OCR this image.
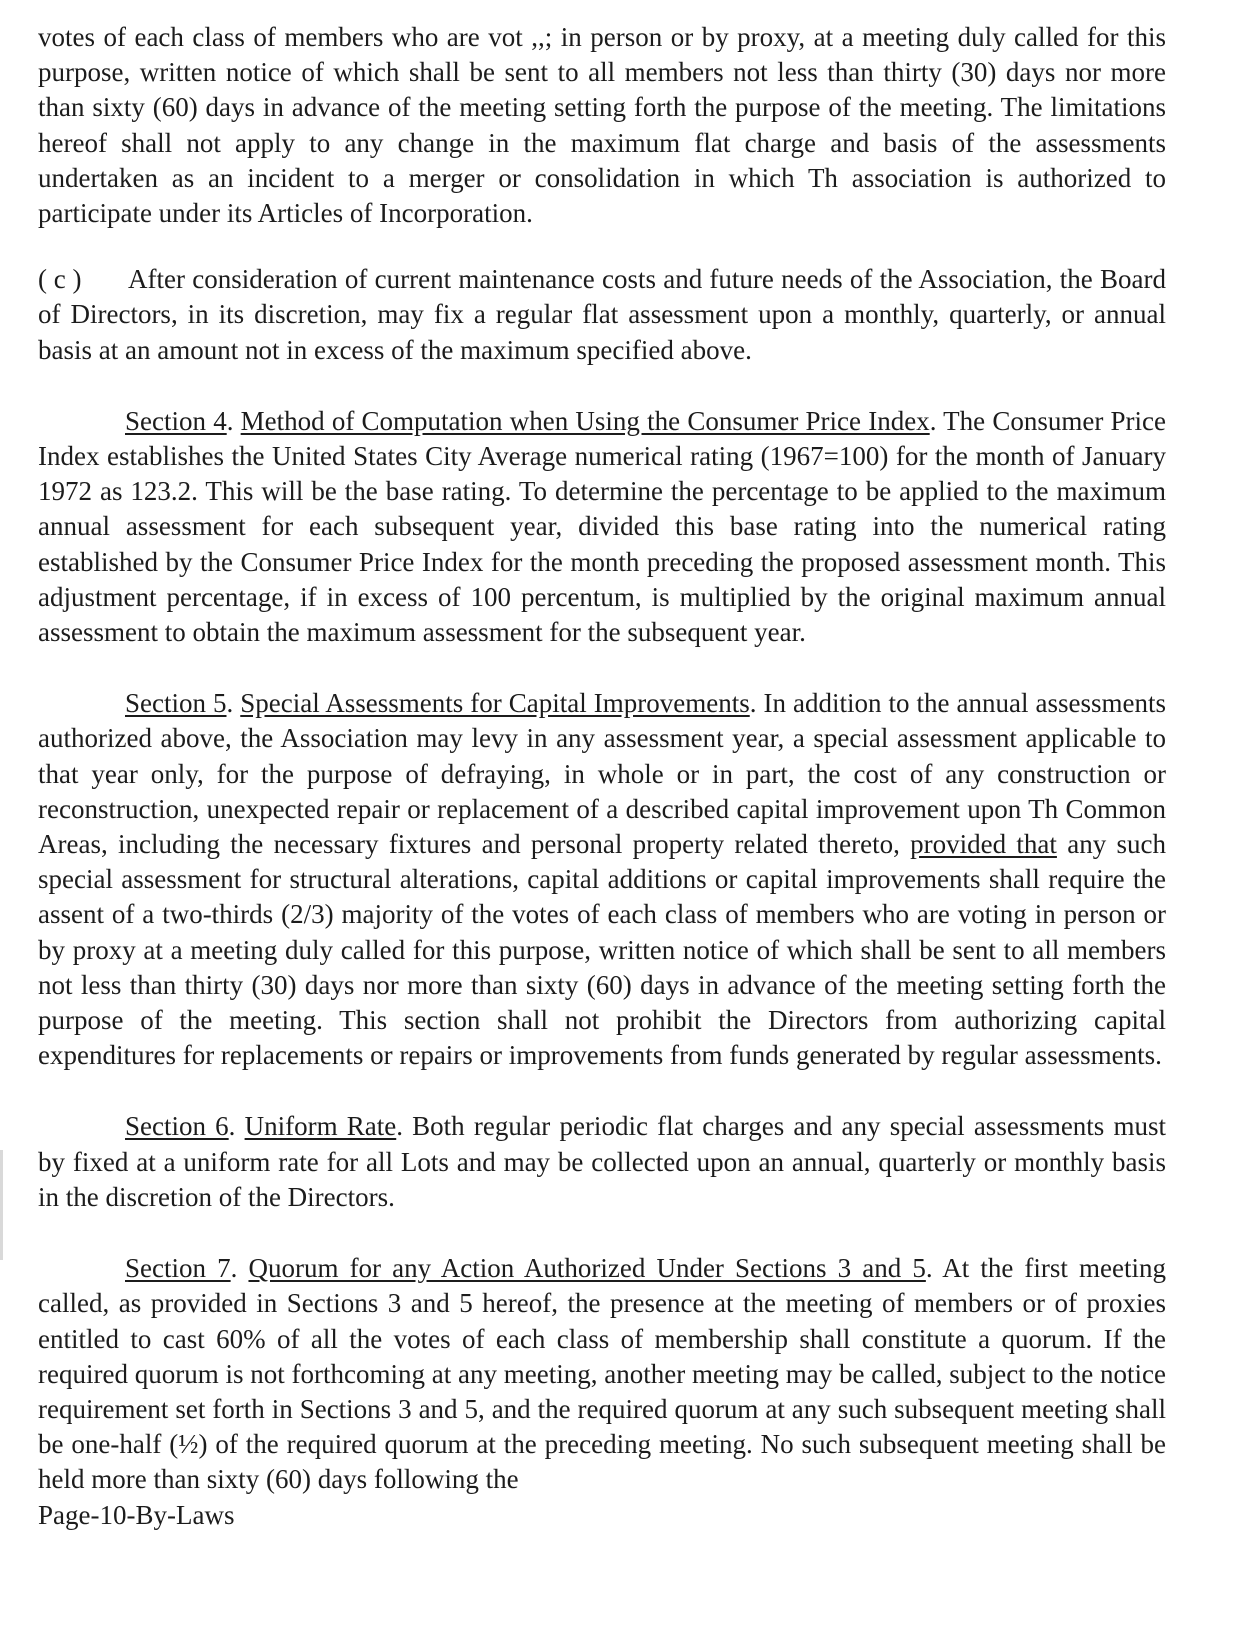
votes of each class of members who are vot ,,; in person or by proxy, at a meeting duly called for this purpose, written notice of which shall be sent to all members not less than thirty (30) days nor more than sixty (60) days in advance of the meeting setting forth the purpose of the meeting. The limitations hereof shall not apply to any change in the maximum flat charge and basis of the assessments undertaken as an incident to a merger or consolidation in which Th association is authorized to participate under its Articles of Incorporation.

( c ) After consideration of current maintenance costs and future needs of the Association, the Board of Directors, in its discretion, may fix a regular flat assessment upon a monthly, quarterly, or annual basis at an amount not in excess of the maximum specified above.

Section 4. Method of Computation when Using the Consumer Price Index. The Consumer Price Index establishes the United States City Average numerical rating (1967=100) for the month of January 1972 as 123.2. This will be the base rating. To determine the percentage to be applied to the maximum annual assessment for each subsequent year, divided this base rating into the numerical rating established by the Consumer Price Index for the month preceding the proposed assessment month. This adjustment percentage, if in excess of 100 percentum, is multiplied by the original maximum annual assessment to obtain the maximum assessment for the subsequent year.

Section 5. Special Assessments for Capital Improvements. In addition to the annual assessments authorized above, the Association may levy in any assessment year, a special assessment applicable to that year only, for the purpose of defraying, in whole or in part, the cost of any construction or reconstruction, unexpected repair or replacement of a described capital improvement upon Th Common Areas, including the necessary fixtures and personal property related thereto, provided that any such special assessment for structural alterations, capital additions or capital improvements shall require the assent of a two-thirds (2/3) majority of the votes of each class of members who are voting in person or by proxy at a meeting duly called for this purpose, written notice of which shall be sent to all members not less than thirty (30) days nor more than sixty (60) days in advance of the meeting setting forth the purpose of the meeting. This section shall not prohibit the Directors from authorizing capital expenditures for replacements or repairs or improvements from funds generated by regular assessments.

Section 6. Uniform Rate. Both regular periodic flat charges and any special assessments must by fixed at a uniform rate for all Lots and may be collected upon an annual, quarterly or monthly basis in the discretion of the Directors.

Section 7. Quorum for any Action Authorized Under Sections 3 and 5. At the first meeting called, as provided in Sections 3 and 5 hereof, the presence at the meeting of members or of proxies entitled to cast 60% of all the votes of each class of membership shall constitute a quorum. If the required quorum is not forthcoming at any meeting, another meeting may be called, subject to the notice requirement set forth in Sections 3 and 5, and the required quorum at any such subsequent meeting shall be one-half (½) of the required quorum at the preceding meeting. No such subsequent meeting shall be held more than sixty (60) days following the

Page-10-By-Laws
